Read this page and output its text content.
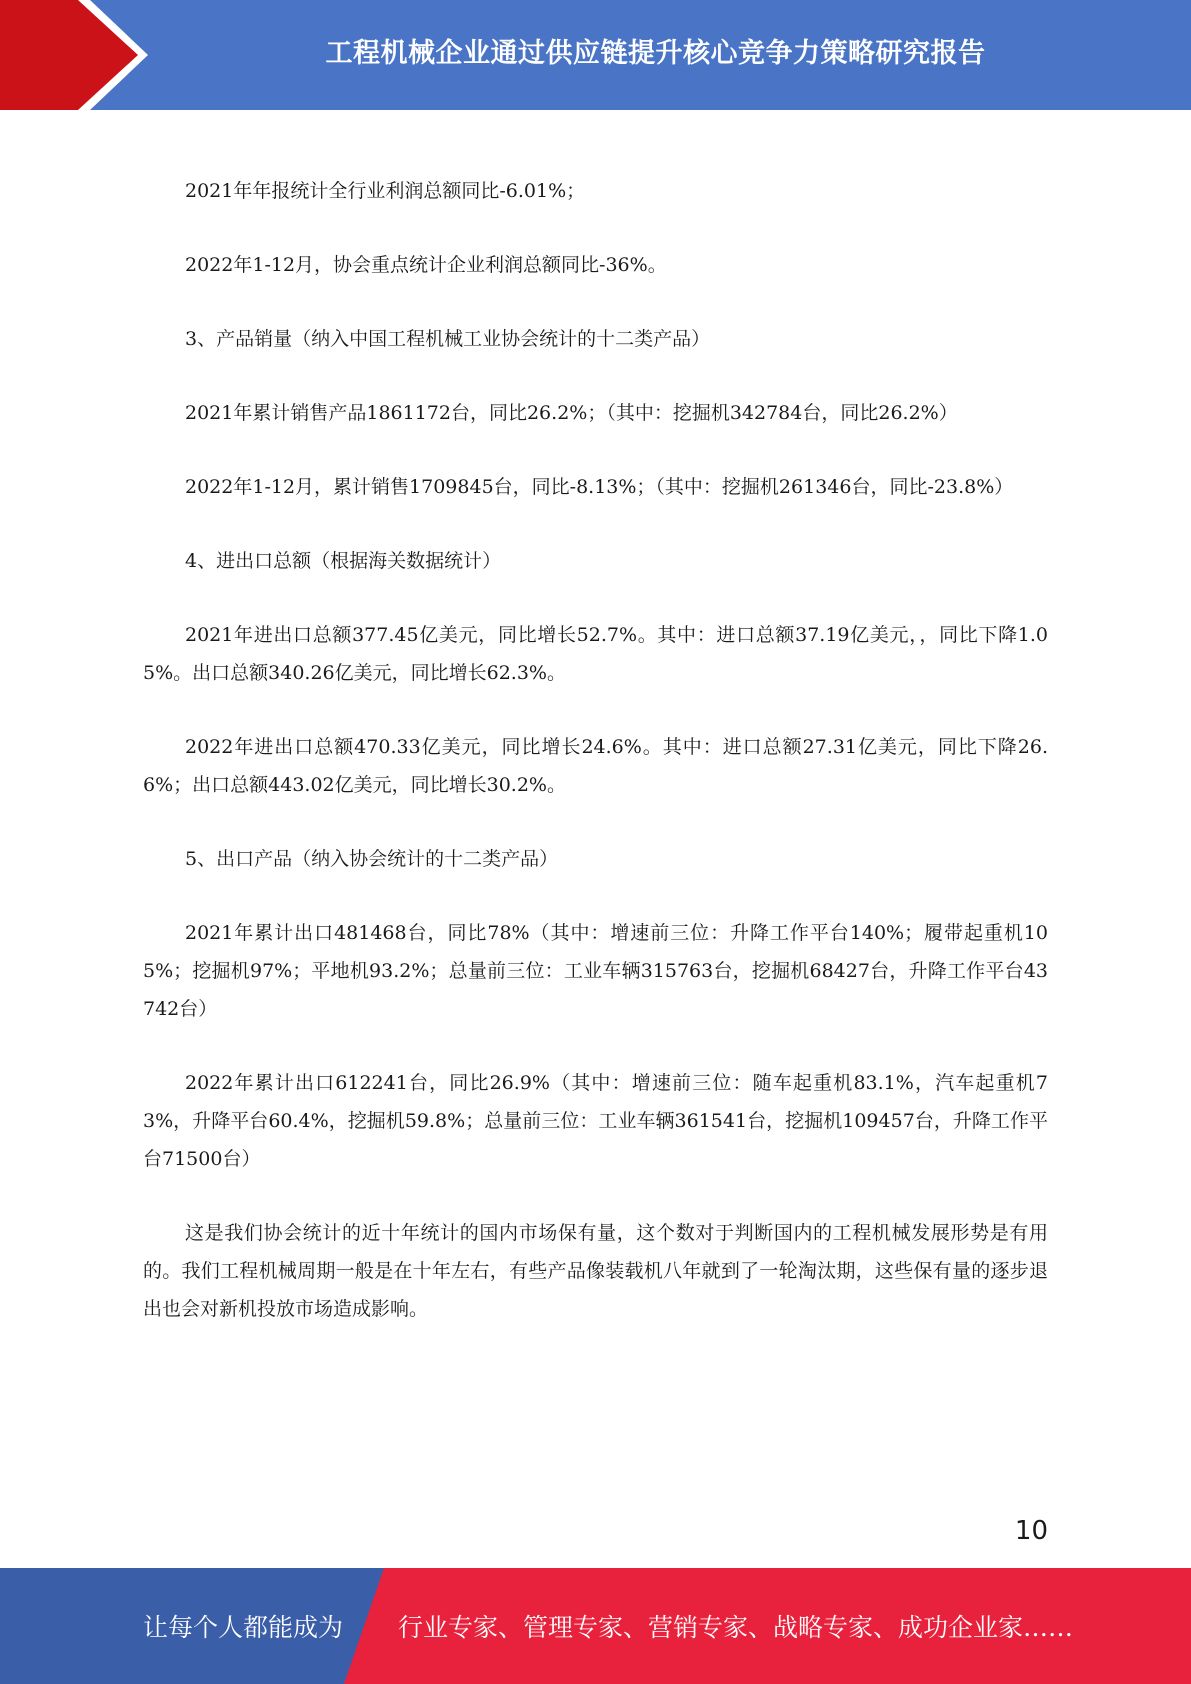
工程机械企业通过供应链提升核心竞争力策略研究报告

2021年年报统计全行业利润总额同比-6.01%；

2022年1-12月，协会重点统计企业利润总额同比-36%。

3、产品销量（纳入中国工程机械工业协会统计的十二类产品）

2021年累计销售产品1861172台，同比26.2%；（其中：挖掘机342784台，同比26.2%）

2022年1-12月，累计销售1709845台，同比-8.13%；（其中：挖掘机261346台，同比-23.8%）

4、进出口总额（根据海关数据统计）

2021年进出口总额377.45亿美元，同比增长52.7%。其中：进口总额37.19亿美元，，同比下降1.05%。出口总额340.26亿美元，同比增长62.3%。

2022年进出口总额470.33亿美元，同比增长24.6%。其中：进口总额27.31亿美元，同比下降26.6%；出口总额443.02亿美元，同比增长30.2%。

5、出口产品（纳入协会统计的十二类产品）

2021年累计出口481468台，同比78%（其中：增速前三位：升降工作平台140%；履带起重机105%；挖掘机97%；平地机93.2%；总量前三位：工业车辆315763台，挖掘机68427台，升降工作平台43742台）

2022年累计出口612241台，同比26.9%（其中：增速前三位：随车起重机83.1%，汽车起重机73%，升降平台60.4%，挖掘机59.8%；总量前三位：工业车辆361541台，挖掘机109457台，升降工作平台71500台）

这是我们协会统计的近十年统计的国内市场保有量，这个数对于判断国内的工程机械发展形势是有用的。我们工程机械周期一般是在十年左右，有些产品像装载机八年就到了一轮淘汰期，这些保有量的逐步退出也会对新机投放市场造成影响。

10
让每个人都能成为 行业专家、管理专家、营销专家、战略专家、成功企业家……
